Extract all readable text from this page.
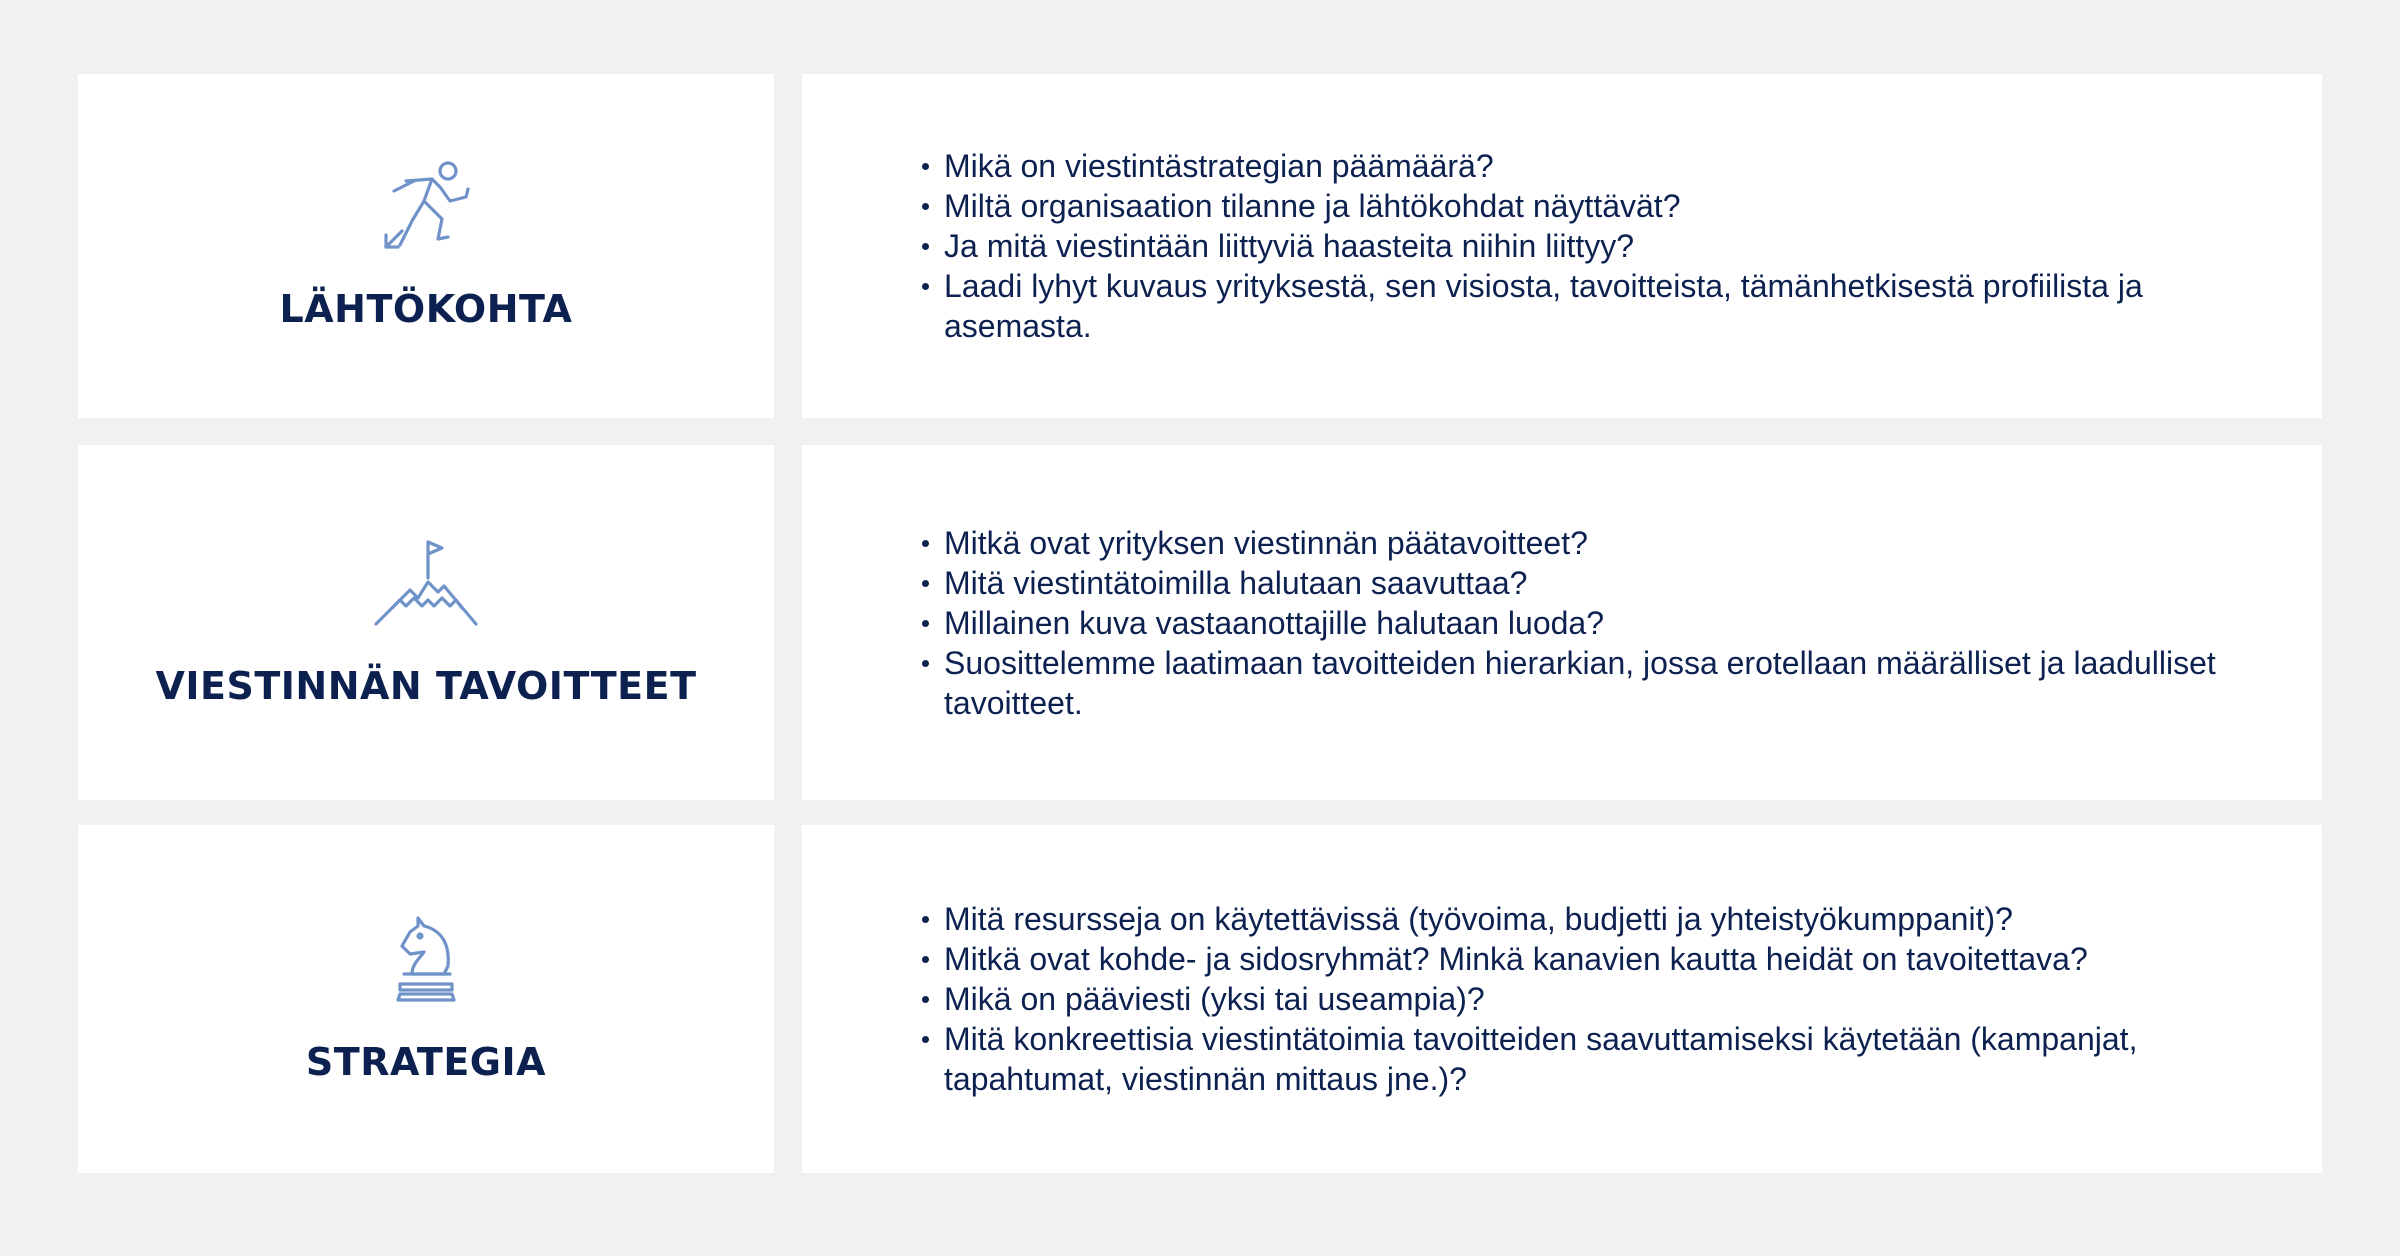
LÄHTÖKOHTA
Mikä on viestintästrategian päämäärä?
Miltä organisaation tilanne ja lähtökohdat näyttävät?
Ja mitä viestintään liittyviä haasteita niihin liittyy?
Laadi lyhyt kuvaus yrityksestä, sen visiosta, tavoitteista, tämänhetkisestä profiilista ja asemasta.
VIESTINNÄN TAVOITTEET
Mitkä ovat yrityksen viestinnän päätavoitteet?
Mitä viestintätoimilla halutaan saavuttaa?
Millainen kuva vastaanottajille halutaan luoda?
Suosittelemme laatimaan tavoitteiden hierarkian, jossa erotellaan määrälliset ja laadulliset tavoitteet.
STRATEGIA
Mitä resursseja on käytettävissä (työvoima, budjetti ja yhteistyökumppanit)?
Mitkä ovat kohde- ja sidosryhmät? Minkä kanavien kautta heidät on tavoitettava?
Mikä on pääviesti (yksi tai useampia)?
Mitä konkreettisia viestintätoimia tavoitteiden saavuttamiseksi käytetään (kampanjat, tapahtumat, viestinnän mittaus jne.)?
